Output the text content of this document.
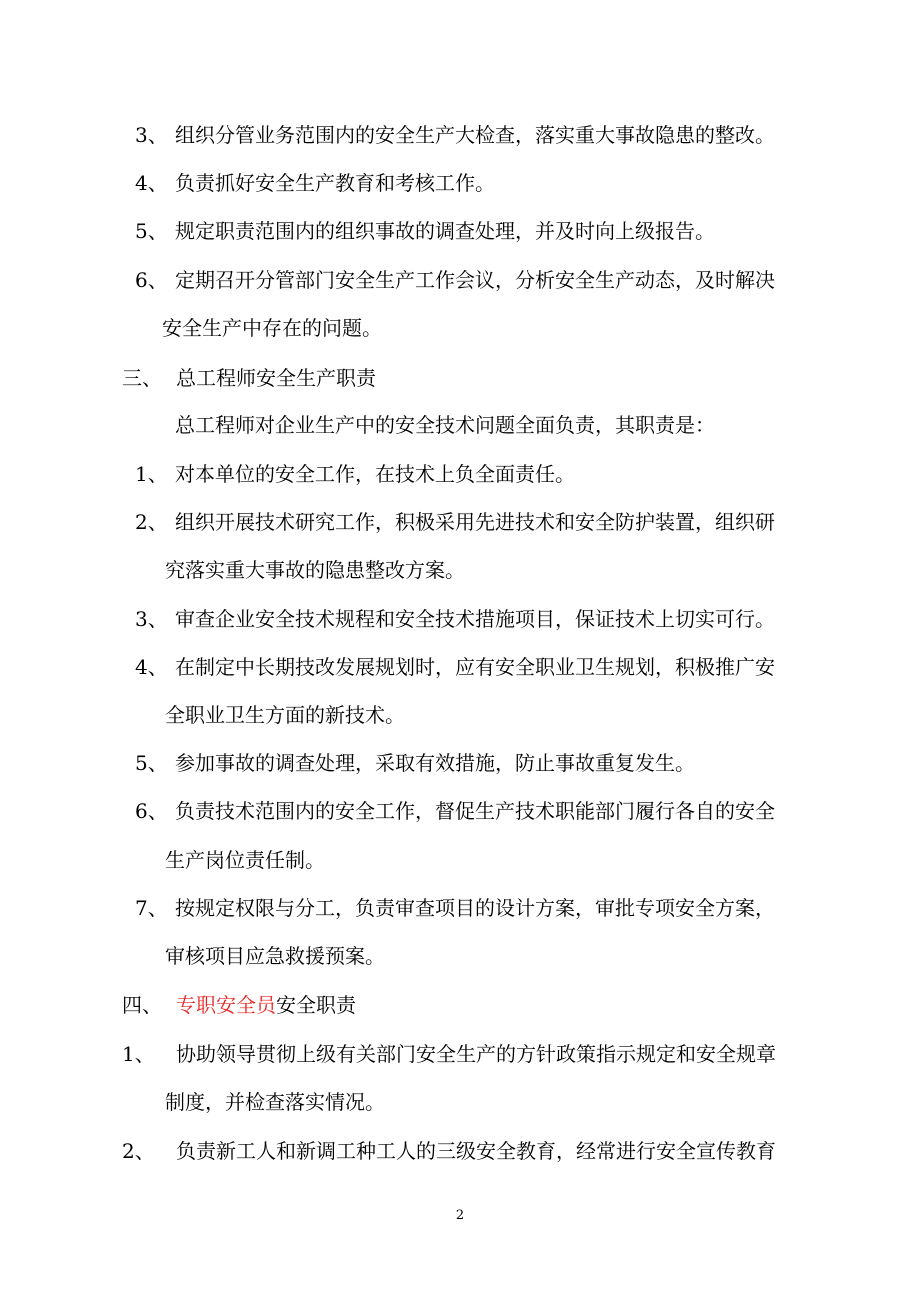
3、 组织分管业务范围内的安全生产大检查，落实重大事故隐患的整改。
4、 负责抓好安全生产教育和考核工作。
5、 规定职责范围内的组织事故的调查处理，并及时向上级报告。
6、 定期召开分管部门安全生产工作会议，分析安全生产动态，及时解决
安全生产中存在的问题。
三、 总工程师安全生产职责
总工程师对企业生产中的安全技术问题全面负责，其职责是：
1、 对本单位的安全工作，在技术上负全面责任。
2、 组织开展技术研究工作，积极采用先进技术和安全防护装置，组织研
究落实重大事故的隐患整改方案。
3、 审查企业安全技术规程和安全技术措施项目，保证技术上切实可行。
4、 在制定中长期技改发展规划时，应有安全职业卫生规划，积极推广安
全职业卫生方面的新技术。
5、 参加事故的调查处理，采取有效措施，防止事故重复发生。
6、 负责技术范围内的安全工作，督促生产技术职能部门履行各自的安全
生产岗位责任制。
7、 按规定权限与分工，负责审查项目的设计方案，审批专项安全方案，
审核项目应急救援预案。
四、 专职安全员安全职责
1、 协助领导贯彻上级有关部门安全生产的方针政策指示规定和安全规章
制度，并检查落实情况。
2、 负责新工人和新调工种工人的三级安全教育，经常进行安全宣传教育
2
